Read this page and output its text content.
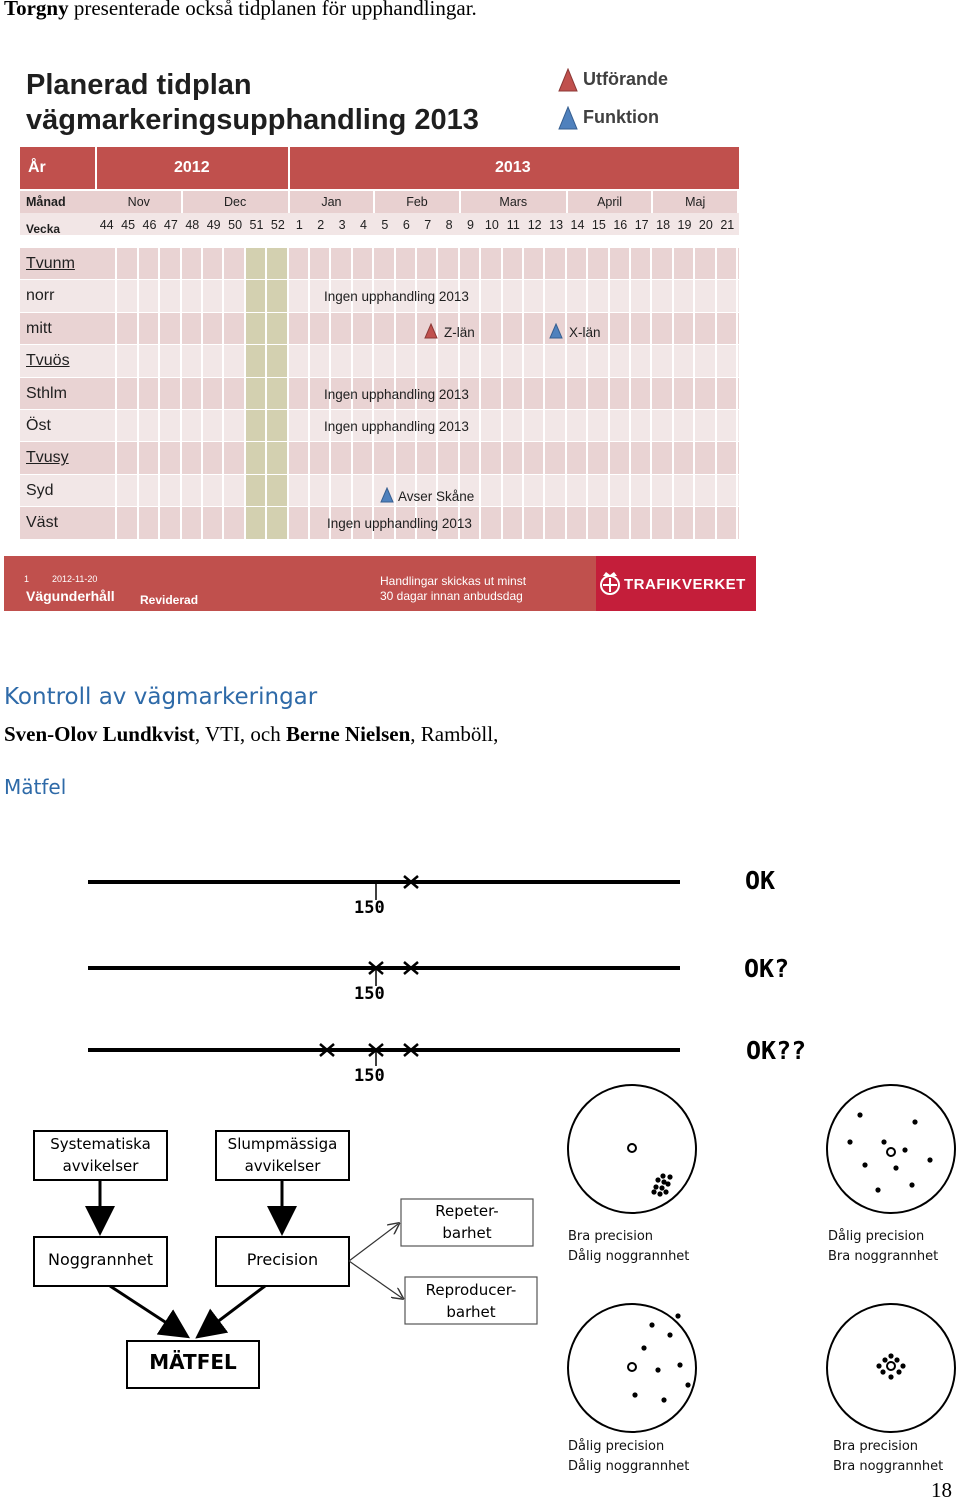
Torgny presenterade också tidplanen för upphandlingar.
Planerad tidplan
vägmarkeringsupphandling 2013
Utförande
Funktion
År	2012	2013
Månad
Vecka
Nov	Dec	Jan	Feb	Mars	April	Maj
44 45 46 47 48 49 50 51 52 1	2	3	4	5	6	7	8	9 10 11 12 13 14 15 16 17 18 19 20 21
Tvunm
norr	Ingen upphandling 2013
mitt	Z-län	X-län
Tvuös
Sthlm	Ingen upphandling 2013
Öst	Ingen upphandling 2013
Tvusy
Syd	Avser Skåne
Väst	Ingen upphandling 2013
1	2012-11-20
Vägunderhåll Reviderad
Handlingar skickas ut minst
30 dagar innan anbudsdag
TRAFIKVERKET
Kontroll av vägmarkeringar
Sven-Olov Lundkvist, VTI, och Berne Nielsen, Ramböll,
Mätfel
150
150
150
OK
OK?
OK??
Systematiska
avvikelser
Slumpmässiga
avvikelser
Noggrannhet	Precision
MÄTFEL
Repeter-
barhet
Reproducer-
barhet
Bra precision
Dålig noggrannhet
Dålig precision
Bra noggrannhet
Dålig precision
Dålig noggrannhet
Bra precision
Bra noggrannhet
18
